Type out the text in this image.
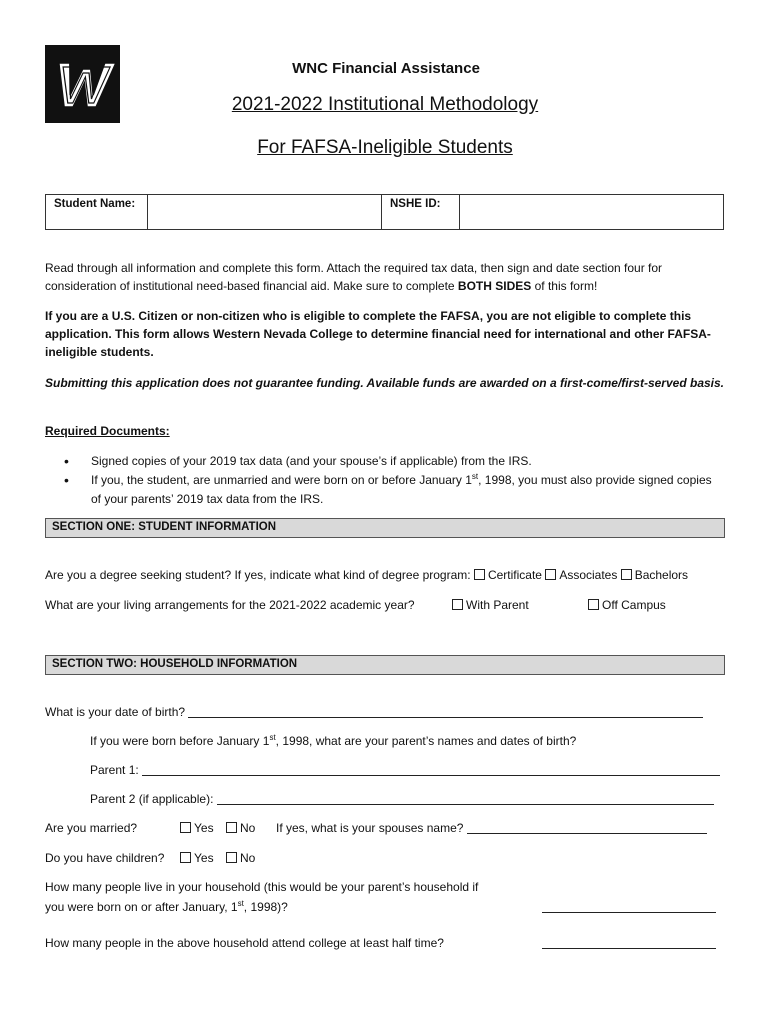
WNC Financial Assistance
2021-2022 Institutional Methodology
For FAFSA-Ineligible Students
Student Name:	NSHE ID:
Read through all information and complete this form. Attach the required tax data, then sign and date section four for consideration of institutional need-based financial aid. Make sure to complete BOTH SIDES of this form!
If you are a U.S. Citizen or non-citizen who is eligible to complete the FAFSA, you are not eligible to complete this application. This form allows Western Nevada College to determine financial need for international and other FAFSA-ineligible students.
Submitting this application does not guarantee funding. Available funds are awarded on a first-come/first-served basis.
Required Documents:
• Signed copies of your 2019 tax data (and your spouse’s if applicable) from the IRS.
• If you, the student, are unmarried and were born on or before January 1st, 1998, you must also provide signed copies of your parents’ 2019 tax data from the IRS.
SECTION ONE: STUDENT INFORMATION
Are you a degree seeking student? If yes, indicate what kind of degree program: Certificate Associates Bachelors
What are your living arrangements for the 2021-2022 academic year?	With Parent	Off Campus
SECTION TWO: HOUSEHOLD INFORMATION
What is your date of birth?
If you were born before January 1st, 1998, what are your parent’s names and dates of birth?
Parent 1:
Parent 2 (if applicable):
Are you married?	Yes	No If yes, what is your spouses name?
Do you have children?	Yes	No
How many people live in your household (this would be your parent’s household if
you were born on or after January, 1st, 1998)?
How many people in the above household attend college at least half time?
